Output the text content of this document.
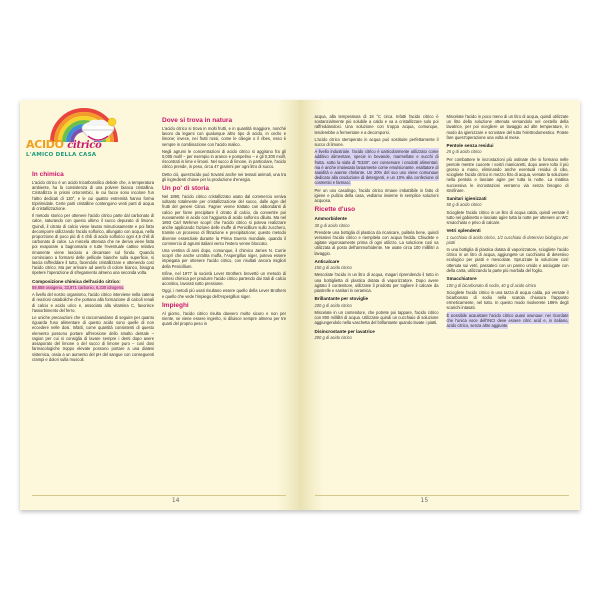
ACIDO citrico
L'AMICO DELLA CASA
In chimica

L'acido citrico è un acido tricarbossilico debole che, a temperatura ambiente, ha la consistenza di una polvere bianca cristallina. Cristallizza in prismi ortorombici, le cui facce sono incolore l'un l'altro dedicati di 120°, e le cui quattro estremità hanno forma tripirimidale. Certe parti cristalline contengono venti parti di acqua di cristallizzazione.

Il metodo storico per ottenere l'acido citrico parte dal carbonato di calce, saturando con questo ultimo il succo depurato di limone. Quindi, il citrato di calcio viene lavato minuziosamente e poi fatto decomporre utilizzando l'acido solforico, allungato con acqua, nella proporzione di poco più di 4 chili di acido solforico ogni 4,5 chili di carbonato di calce. La miscela ottenuta che ne deriva viene fatta poi evaporare a bagnomaria e tutte l'eventuale cattivo relativo rimanente viene lasciato a decantare sul fondo. Quando cominciano a formarsi delle pellicole bianche sulla superficie, si lascia raffreddare il tutto, facendolo cristallizzare e ottenendo così l'acido citrico. Ma per arrivare ad averlo di colore bianco, bisogna ripetere l'operazione di sfregamento almeno una seconda volta.

Composizione chimica dell'acido citrico:

59,858 ossigeno, 33,871 carbonio, 6,330 idrogeno.

A livello del nostro organismo, l'acido citrico interviene nella catena di reazioni cataboliche che portano alla formazione di calcoli renali di calcio e acido urico e, associato alla vitamina C, favorisce l'assorbimento del ferro.

Le uniche precauzioni che si raccomandano di seguire per quanto riguarda l'uso alimentare di questo acido sono quelle di non eccedere nelle dosi. Infatti, come quantità consistenti di questo elemento possono portare all'erosione dello smalto dentale – ragion per cui si consiglia di lavare sempre i denti dopo avere assaporato del limone o del succo di limone puro – così dosi farmacologiche troppo elevate possono portare a una diatesi sistemica, ossia a un aumento del pH del sangue con conseguenti crampi e dolori sulla muscoli.

Dove si trova in natura

L'acido citrico si trova in molti frutti, e in quantità maggiore, nonché lavoro da legami con qualunque altro tipo di acido, in cedro e limone; invece, nei frutti rossi, come le ciliegie o il ribes, esso è sempre in combinazione con l'acido malico.

Negli agrumi le concentrazioni di acido citrico si aggirano fra gli 0,005 mol/l – per esempio in arance e pompelmo – e gli 0,300 mol/l, riscontrati in lime e limoni. Nel succo di limone, in particolare, l'acido citrico prende, in peso, circa 47 grammi per ogni litro di succo.

Detto ciò, quest'acido può trovarsi anche nei tessuti animali, una tra gli ingredienti chiave per la produzione d'energia.

Un po' di storia

Nel 1890, l'acido citrico cristallizzato usato dal commercio veniva soltanto totalmente per cristallizzazione del succo, dalle agre del frutti del genere Citrus. Fagner venne trattato con abbondanti di calcio per farne precipitare il citrato di calcio, da convertire poi nuovamente in acido con l'aggiunta di acido solforico diluito. Ma nel 1893 Carl Wehmer scoprì che l'acido citrico si poteva realizzare anche applicando l'azione delle muffe di Penicillium sullo zucchero, tramite un processo di filtrazione e precipitazione; questo metodo divenne essenziale durante la Prima Guerra mondiale, quando il commercio di agrumi italiani verso l'estero venne bloccato.

Una ventina di anni dopo, comunque, il chimico James N. Currie scoprì che anche un'altra muffa, l'Aspergillus niger, poteva essere impiegata per ottenere l'acido citrico, con risultati ancora migliori della Penicillium.

Infine, nel 1977 la società Lever Brothers brevettò un metodo di sintesi chimica per produrre l'acido citrico partendo dai Sali di calcio aconitico, lavorati sotto pressione.

Oggi, i metodi più usati risultano essere quello della Lever Brothers e quello che vede l'impiego dell'Aspergillus niger.

Impieghi

Al giorno, l'acido citrico risulta davvero molto sicuro e non per niente, se viene essere ingerito, si diluisce sempre almeno per tre quarti del proprio peso in

14

acqua, alla temperatura di 18 °C circa. Infatti l'acido citrico è sostanzialmente più solubile a caldo e va a cristallizzare solo poi raffreddandosi. Una soluzione con troppa acqua, comunque, tenderebbe a fermentare e a decomporsi.

L'acido citrico stemperato in acqua può sostituire perfettamente il succo di limone.

A livello industriale, l'acido citrico è particolarmente utilizzato come additivo alimentare, specie in bevande, marmellate e succhi di frutta, sotto la sigla di "E330", per conservare i prodotti alimentari, ma è anche impiegato largamente come emulsionante, esaltatore di sapidità e agente chelante. Un 20% del suo uso viene comunque dedicato alla produzione di detergenti, e un 10% alla confezione di cosmetici e farmaci.

Per un uso casalingo, l'acido citrico rimane imbattibile in fatto di igiene e pulizia della casa, vediamo insieme in semplice soluzioni acquosa.

Ricette d'uso
Ammorbidente

30 g di acido citrico

Prendete una bottiglia di plastica da ricaricare, pulitela bene, quindi versatevi l'acido citrico e riempitela con acqua fredda. Chiudete e agitate vigorosamente prima di ogni utilizzo. La soluzione così va utilizzata al posto dell'ammorbidente. Ne usate circa 100 millilitri a lavaggio.

Anticalcare

150 g di acido citrico

Mescolate l'acido in un litro di acqua, magari riprendendo il tutto in una bottiglietta di plastica dotata di vaporizzatore. Dopo avere agitato il contenitore, utilizzate il prodotto per togliere il calcare da piastrelle e sanitari in ceramica.

Brillantante per stoviglie

200 g di acido citrico

Miscelate in un contenitore, che potrete poi tappare, l'acido citrico con 800 millilitri di acqua. Utilizzate quindi un cucchiaio di soluzione aggiungendolo nella vaschetta del brillantante quando lavate i piatti.

Disincrostante per lavatrice

200 g di acido citrico

Miscelate l'acido in poco meno di un litro di acqua, quindi utilizzate un litro della soluzione ottenuta versandolo nel cestello della lavatrice, per poi scegliere un lavaggio ad alte temperature, in modo da igienizzare e scrostare del tutto l'elettrodomestico. Potete fare quest'operazione una volta al mese.

Pentole senza residui

25 g di acido citrico

Per combattere le incrostazioni più ostinate che si formano nelle pentole mentre cuocete i vostri manicaretti, dopo avere tolto il più grosso a mano, eliminando anche eventuali residui di cibo, sciogliete l'acido citrico in mezzo litro di acqua, versate la soluzione nella pentola e lasciate agire per tutta la notte. La mattina successiva le incrostazioni verranno via senza bisogno di strofinare.

Sanitari igienizzati

50 g di acido citrico

Sciogliete l'acido citrico in un litro di acqua calda, quindi versate il tutto nel gabinetto e lasciate agire tutta la notte per ottenere un WC smacchiato e privo di calcare.

Vetri splendenti

1 cucchiaio di acido citrico, 1/2 cucchiaio di detersivo biologico per piatti

In una bottiglia di plastica dotata di vaporizzatore, sciogliete l'acido citrico in un litro di acqua, aggiungete un cucchiaino di detersivo ecologico per piatti e mescolate. Spruzzate la soluzione così ottenuta sui vetri, passateci con un panno umido e asciugate con della carta, utilizzando la parte più morbida del foglio.

Smacchiatore

100 g di bicarbonato di sodio, 40 g di acido citrico

Sciogliete l'acido citrico in una tazza di acqua calda, poi versate il bicarbonato di sodio nella scatola chiusura frapposto ermeticamente, nel tutto. In questo modo risolverete 186% degli scarichi intasati.

È possibile acquistare l'acido citrico quasi ovunque: nei ricordate che l'unica voce dell'INCI deve essere citric acid e, in italiano, acido citrico, senza altre aggiunte.

15
